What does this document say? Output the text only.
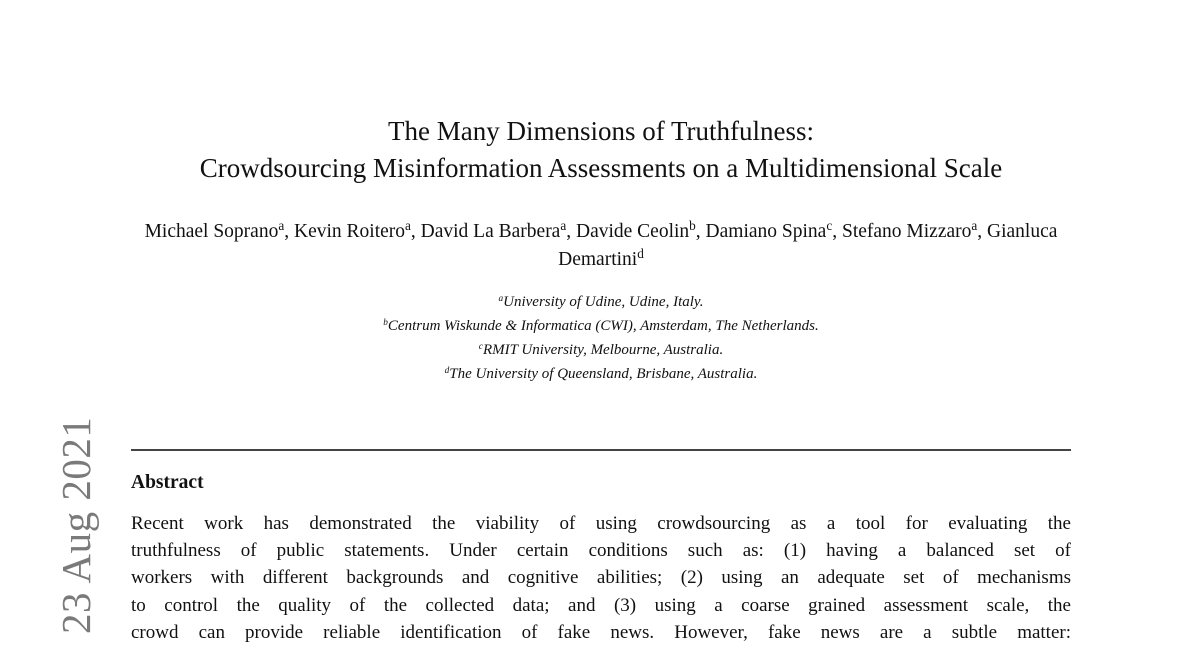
23 Aug 2021
The Many Dimensions of Truthfulness:
Crowdsourcing Misinformation Assessments on a Multidimensional Scale
Michael Soprano$^a$, Kevin Roitero$^a$, David La Barbera$^a$, Davide Ceolin$^b$, Damiano Spina$^c$, Stefano Mizzaro$^a$, Gianluca Demartini$^d$
$^a$University of Udine, Udine, Italy.
$^b$Centrum Wiskunde & Informatica (CWI), Amsterdam, The Netherlands.
$^c$RMIT University, Melbourne, Australia.
$^d$The University of Queensland, Brisbane, Australia.
Abstract
Recent work has demonstrated the viability of using crowdsourcing as a tool for evaluating the
truthfulness of public statements. Under certain conditions such as: (1) having a balanced set of
workers with different backgrounds and cognitive abilities; (2) using an adequate set of mechanisms
to control the quality of the collected data; and (3) using a coarse grained assessment scale, the
crowd can provide reliable identification of fake news. However, fake news are a subtle matter:
